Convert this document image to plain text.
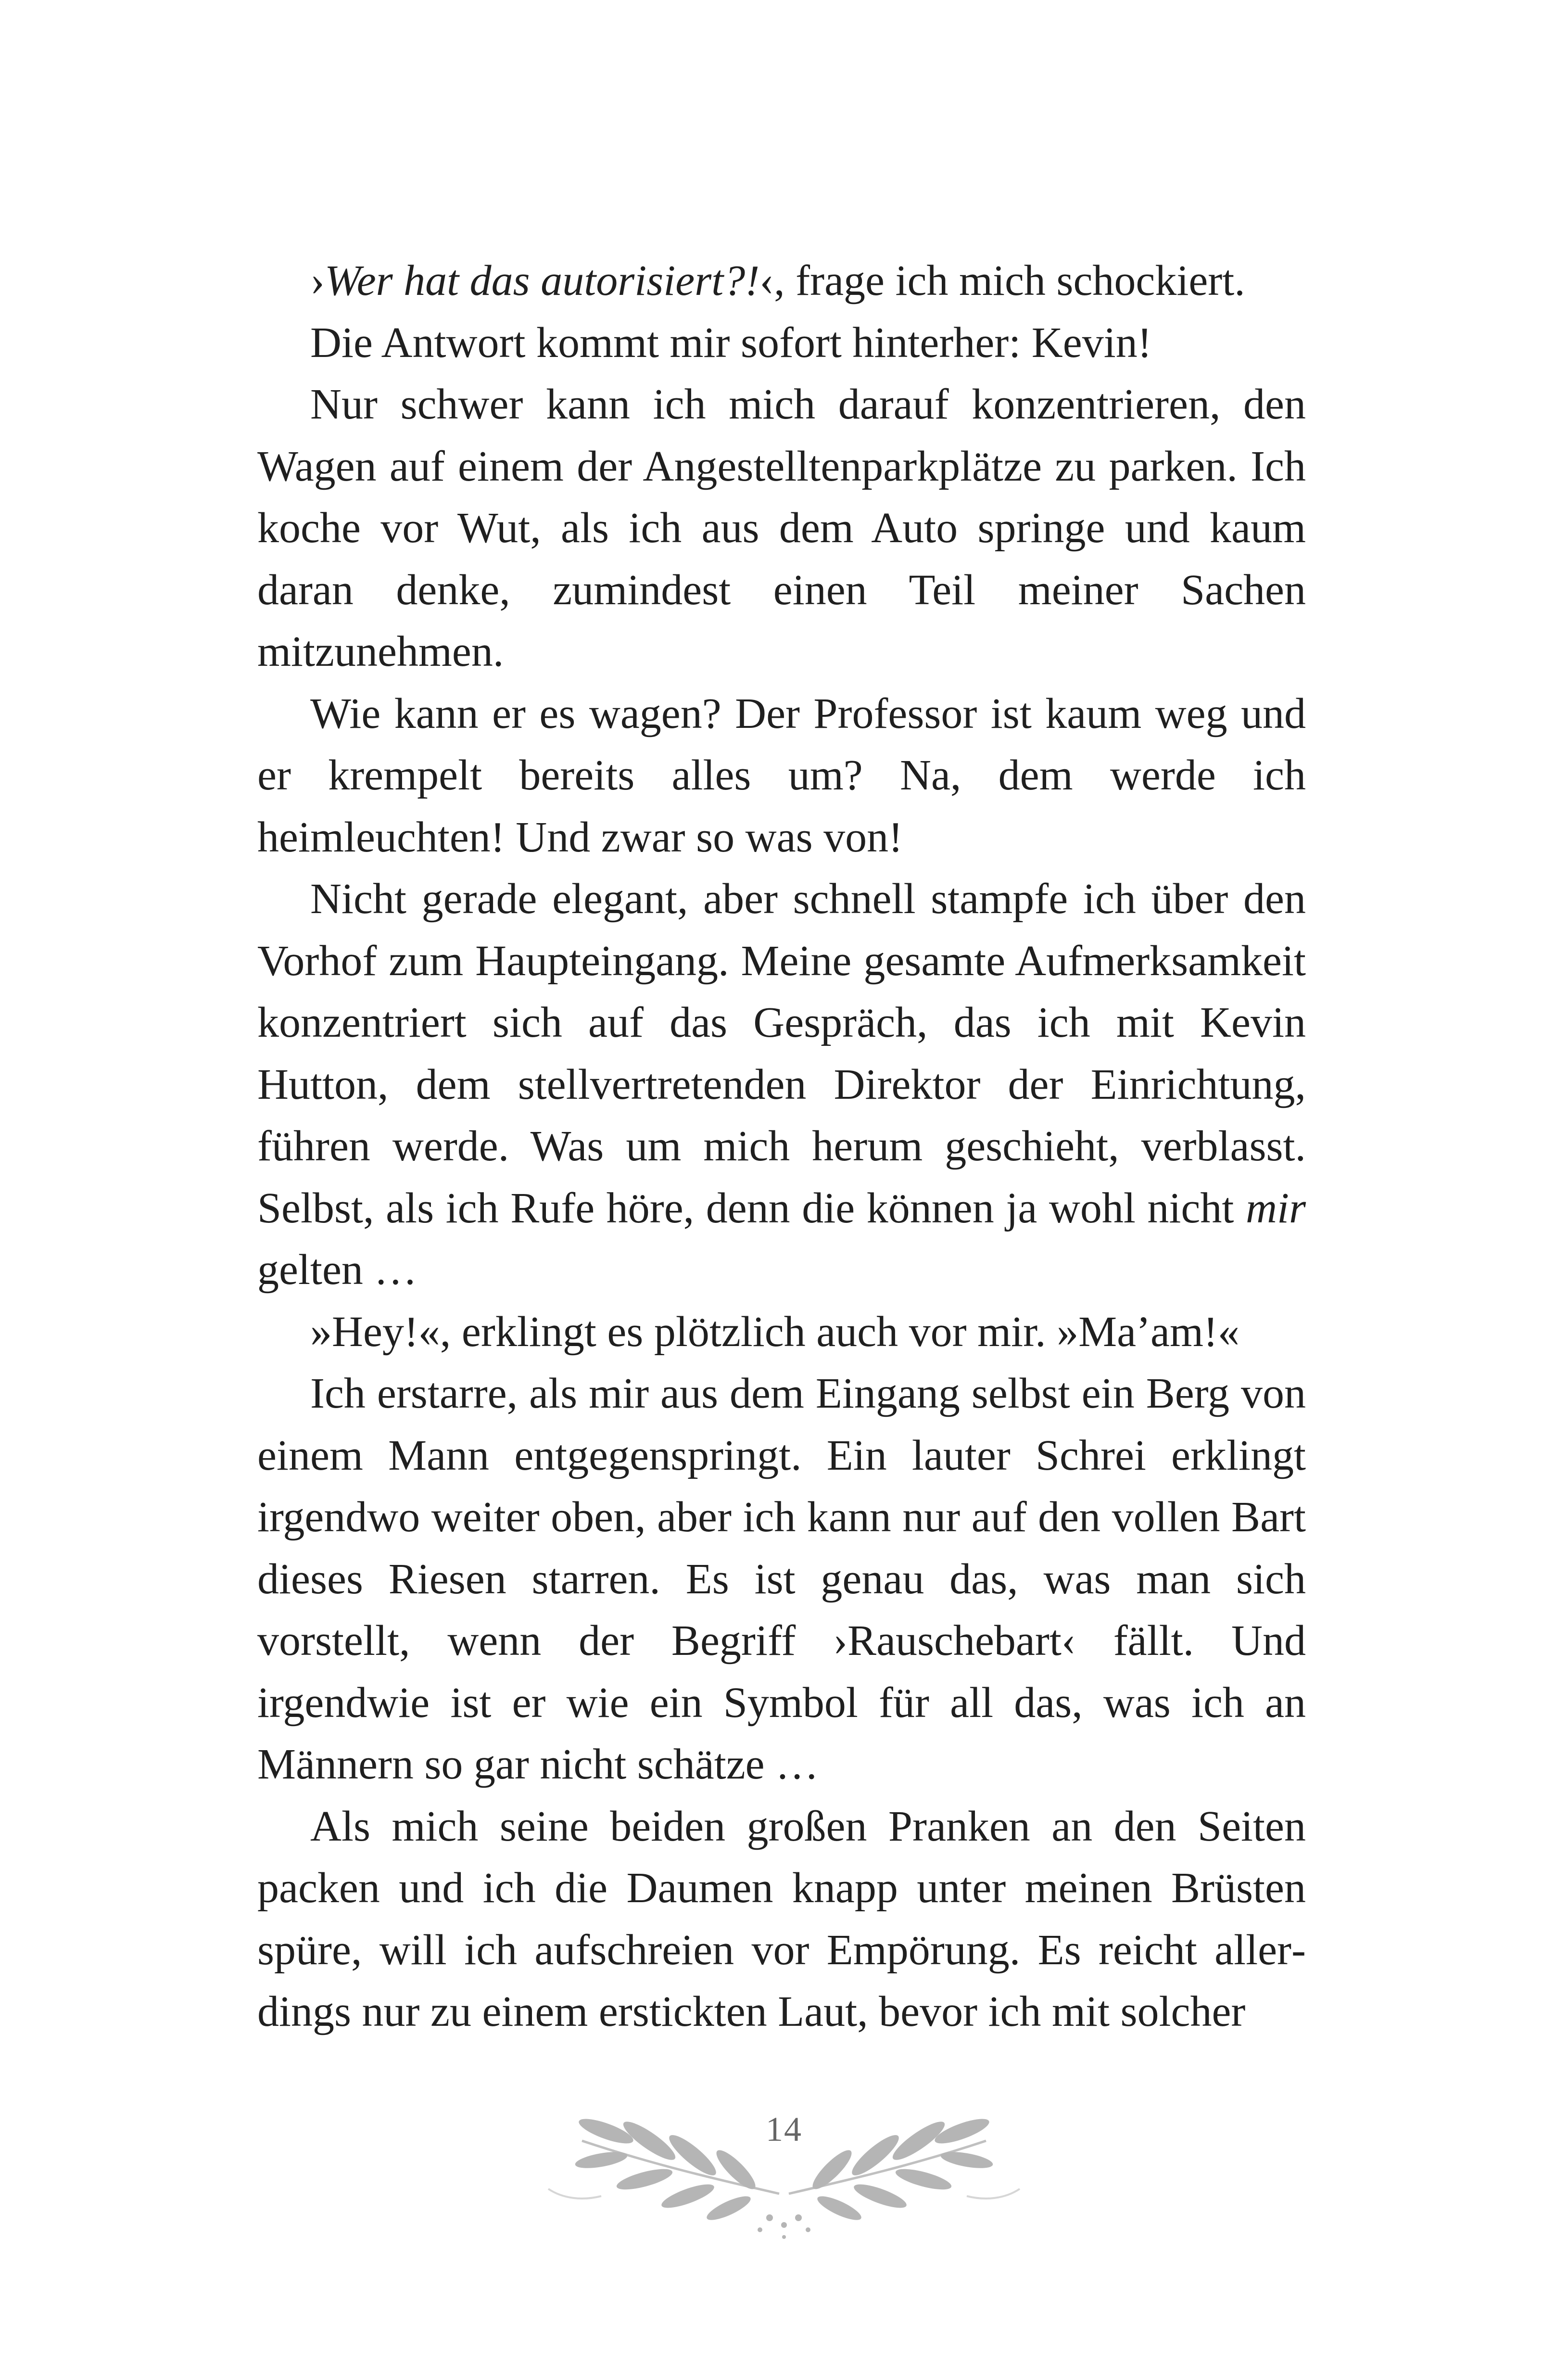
›Wer hat das autorisiert?!‹, frage ich mich schockiert.

Die Antwort kommt mir sofort hinterher: Kevin!

Nur schwer kann ich mich darauf konzentrieren, den Wagen auf einem der Angestelltenparkplätze zu parken. Ich koche vor Wut, als ich aus dem Auto springe und kaum daran denke, zumindest einen Teil meiner Sachen mitzunehmen.

Wie kann er es wagen? Der Professor ist kaum weg und er krempelt bereits alles um? Na, dem werde ich heimleuchten! Und zwar so was von!

Nicht gerade elegant, aber schnell stampfe ich über den Vorhof zum Haupteingang. Meine gesamte Aufmerksamkeit konzentriert sich auf das Gespräch, das ich mit Kevin Hutton, dem stellvertretenden Direktor der Einrichtung, führen werde. Was um mich herum geschieht, verblasst. Selbst, als ich Rufe höre, denn die können ja wohl nicht mir gelten …

»Hey!«, erklingt es plötzlich auch vor mir. »Ma’am!«

Ich erstarre, als mir aus dem Eingang selbst ein Berg von einem Mann entgegenspringt. Ein lauter Schrei erklingt irgendwo weiter oben, aber ich kann nur auf den vollen Bart dieses Riesen starren. Es ist genau das, was man sich vorstellt, wenn der Begriff ›Rauschebart‹ fällt. Und irgendwie ist er wie ein Symbol für all das, was ich an Männern so gar nicht schätze …

Als mich seine beiden großen Pranken an den Seiten packen und ich die Daumen knapp unter meinen Brüsten spüre, will ich aufschreien vor Empörung. Es reicht allerdings nur zu einem erstickten Laut, bevor ich mit solcher

14
